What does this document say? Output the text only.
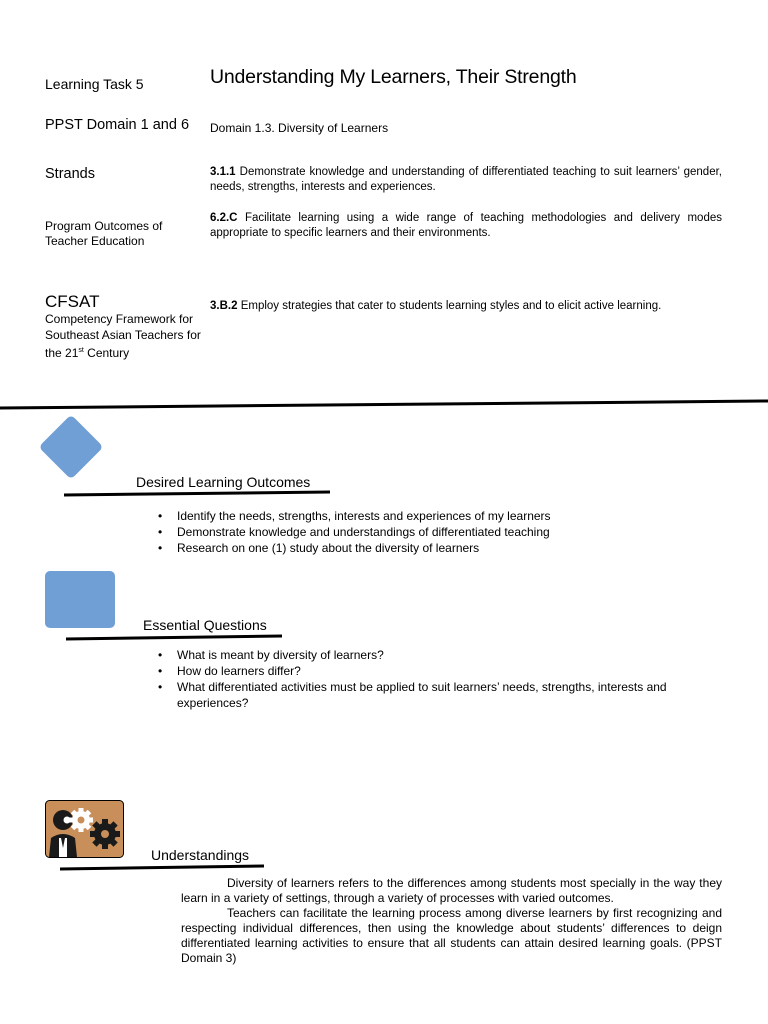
Learning Task 5	Understanding My Learners, Their Strength
PPST Domain 1 and 6 Domain 1.3. Diversity of Learners
Strands	3.1.1 Demonstrate knowledge and understanding of differentiated teaching to suit learners’ gender, needs, strengths, interests and experiences.
Program Outcomes of Teacher Education
6.2.C Facilitate learning using a wide range of teaching methodologies and delivery modes appropriate to specific learners and their environments.
CFSAT
Competency Framework for Southeast Asian Teachers for the 21st Century
3.B.2 Employ strategies that cater to students learning styles and to elicit active learning.
Desired Learning Outcomes
• Identify the needs, strengths, interests and experiences of my learners
• Demonstrate knowledge and understandings of differentiated teaching
• Research on one (1) study about the diversity of learners
Essential Questions
• What is meant by diversity of learners?
• How do learners differ?
• What differentiated activities must be applied to suit learners’ needs, strengths, interests and experiences?
Understandings

Diversity of learners refers to the differences among students most specially in the way they learn in a variety of settings, through a variety of processes with varied outcomes.

Teachers can facilitate the learning process among diverse learners by first recognizing and respecting individual differences, then using the knowledge about students’ differences to deign differentiated learning activities to ensure that all students can attain desired learning goals. (PPST Domain 3)
